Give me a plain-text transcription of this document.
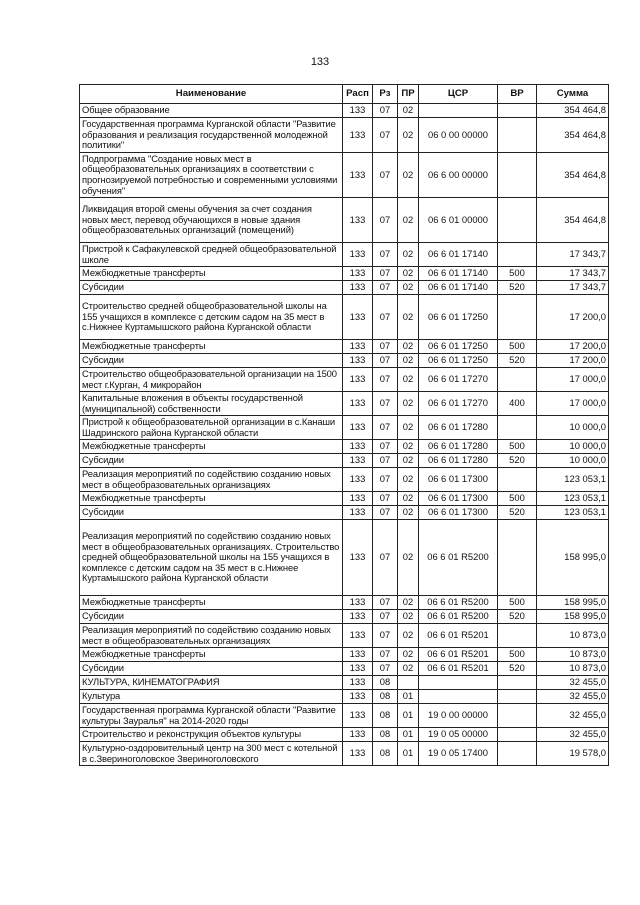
133
Наименование	Расп	Рз	ПР	ЦСР	ВР	Сумма
Общее образование	133	07	02			354 464,8
Государственная программа Курганской области "Развитие образования и реализация государственной молодежной политики"	133	07	02	06 0 00 00000		354 464,8
Подпрограмма "Создание новых мест в общеобразовательных организациях в соответствии с прогнозируемой потребностью и современными условиями обучения"	133	07	02	06 6 00 00000		354 464,8
Ликвидация второй смены обучения за счет создания новых мест, перевод обучающихся в новые здания общеобразовательных организаций (помещений)	133	07	02	06 6 01 00000		354 464,8
Пристрой к Сафакулевской средней общеобразовательной школе	133	07	02	06 6 01 17140		17 343,7
Межбюджетные трансферты	133	07	02	06 6 01 17140	500	17 343,7
Субсидии	133	07	02	06 6 01 17140	520	17 343,7
Строительство средней общеобразовательной школы на 155 учащихся в комплексе с детским садом на 35 мест в с.Нижнее Куртамышского района Курганской области	133	07	02	06 6 01 17250		17 200,0
Межбюджетные трансферты	133	07	02	06 6 01 17250	500	17 200,0
Субсидии	133	07	02	06 6 01 17250	520	17 200,0
Строительство общеобразовательной организации на 1500 мест г.Курган, 4 микрорайон	133	07	02	06 6 01 17270		17 000,0
Капитальные вложения в объекты государственной (муниципальной) собственности	133	07	02	06 6 01 17270	400	17 000,0
Пристрой к общеобразовательной организации в с.Канаши Шадринского района Курганской области	133	07	02	06 6 01 17280		10 000,0
Межбюджетные трансферты	133	07	02	06 6 01 17280	500	10 000,0
Субсидии	133	07	02	06 6 01 17280	520	10 000,0
Реализация мероприятий по содействию созданию новых мест в общеобразовательных организациях	133	07	02	06 6 01 17300		123 053,1
Межбюджетные трансферты	133	07	02	06 6 01 17300	500	123 053,1
Субсидии	133	07	02	06 6 01 17300	520	123 053,1
Реализация мероприятий по содействию созданию новых мест в общеобразовательных организациях. Строительство средней общеобразовательной школы на 155 учащихся в комплексе с детским садом на 35 мест в с.Нижнее Куртамышского района Курганской области	133	07	02	06 6 01 R5200		158 995,0
Межбюджетные трансферты	133	07	02	06 6 01 R5200	500	158 995,0
Субсидии	133	07	02	06 6 01 R5200	520	158 995,0
Реализация мероприятий по содействию созданию новых мест в общеобразовательных организациях	133	07	02	06 6 01 R5201		10 873,0
Межбюджетные трансферты	133	07	02	06 6 01 R5201	500	10 873,0
Субсидии	133	07	02	06 6 01 R5201	520	10 873,0
КУЛЬТУРА, КИНЕМАТОГРАФИЯ	133	08				32 455,0
Культура	133	08	01			32 455,0
Государственная программа Курганской области "Развитие культуры Зауралья" на 2014-2020 годы	133	08	01	19 0 00 00000		32 455,0
Строительство и реконструкция объектов культуры	133	08	01	19 0 05 00000		32 455,0
Культурно-оздоровительный центр на 300 мест с котельной в с.Звериноголовское Звериноголовского	133	08	01	19 0 05 17400		19 578,0
